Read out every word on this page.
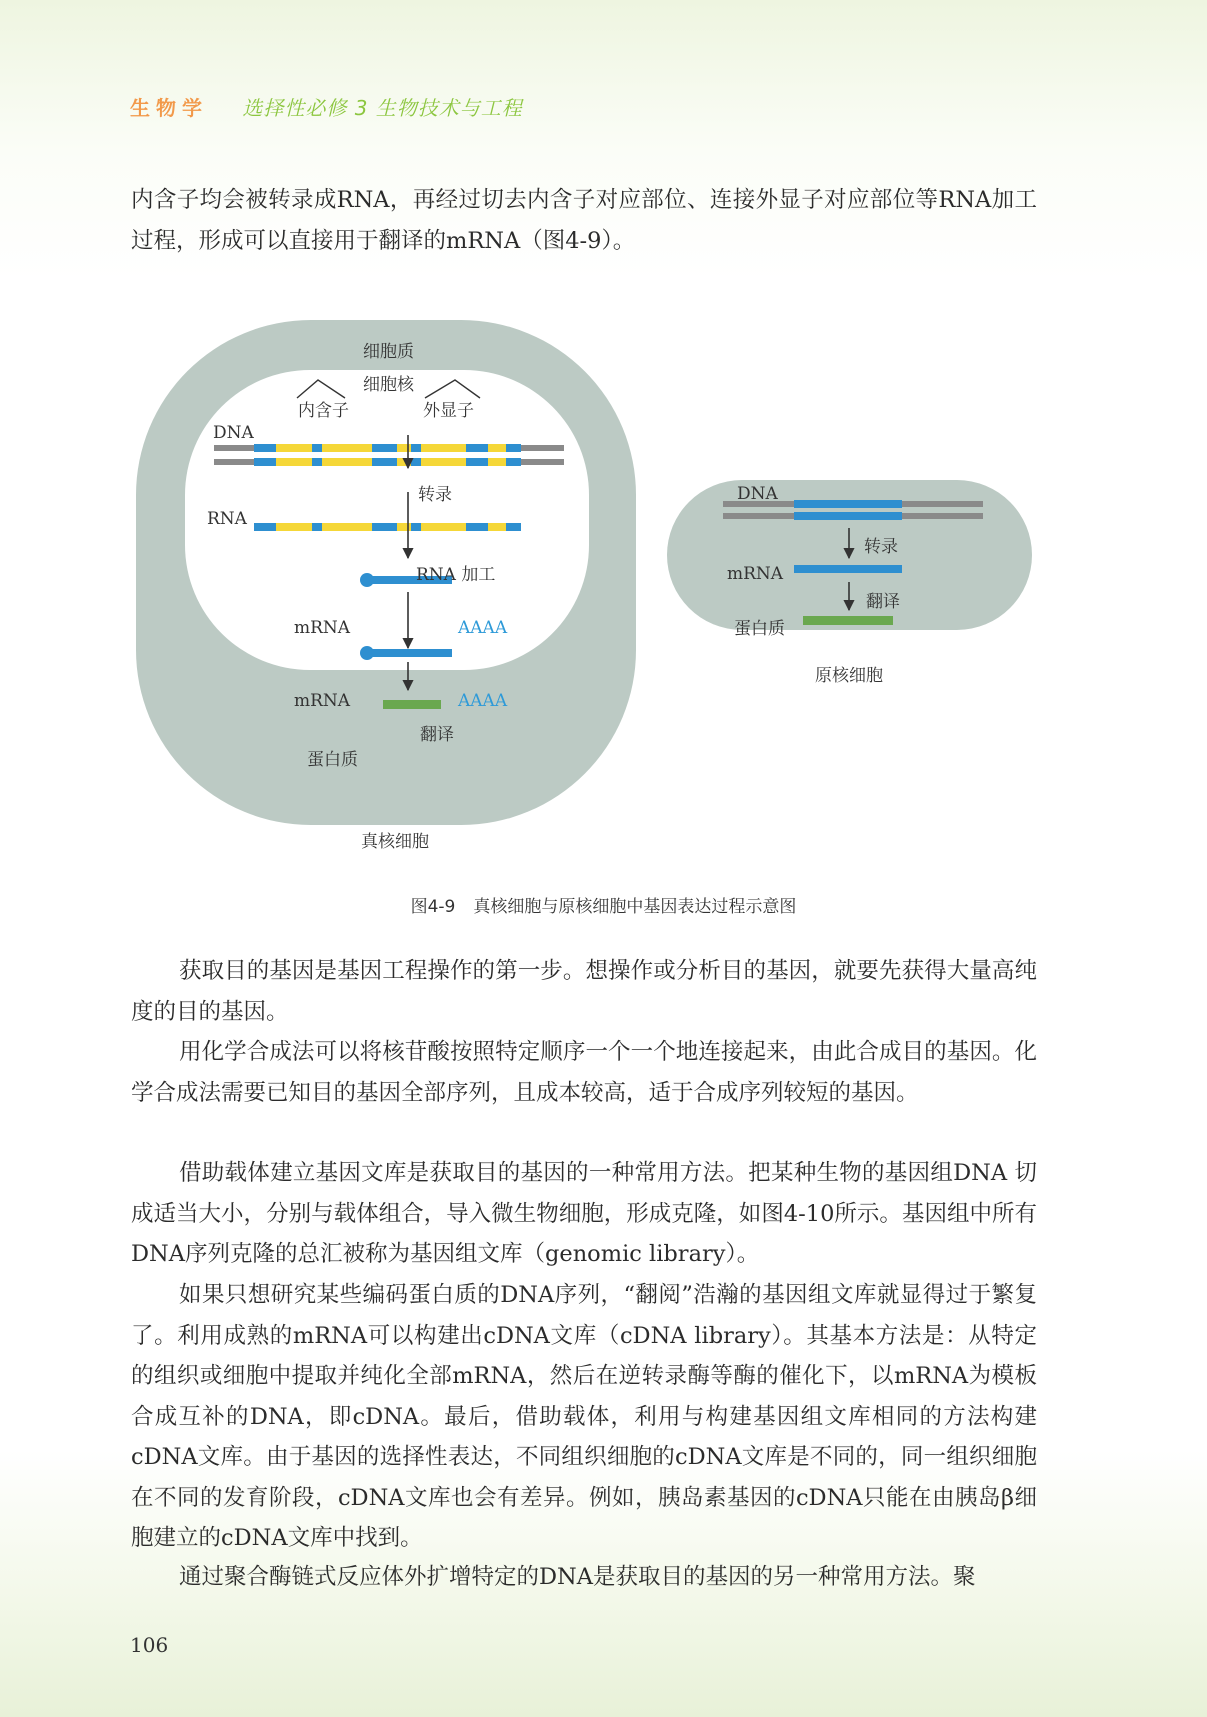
生物学 选择性必修 3 生物技术与工程

内含子均会被转录成RNA，再经过切去内含子对应部位、连接外显子对应部位等RNA加工过程，形成可以直接用于翻译的mRNA（图4-9）。

细胞质
细胞核
内含子	外显子
DNA
转录
RNA
RNA 加工
mRNA	AAAA
mRNA	AAAA
翻译
蛋白质
真核细胞
DNA
转录
mRNA
翻译
蛋白质
原核细胞
图4-9 真核细胞与原核细胞中基因表达过程示意图

获取目的基因是基因工程操作的第一步。想操作或分析目的基因，就要先获得大量高纯度的目的基因。

用化学合成法可以将核苷酸按照特定顺序一个一个地连接起来，由此合成目的基因。化学合成法需要已知目的基因全部序列，且成本较高，适于合成序列较短的基因。

借助载体建立基因文库是获取目的基因的一种常用方法。把某种生物的基因组DNA 切成适当大小，分别与载体组合，导入微生物细胞，形成克隆，如图4-10所示。基因组中所有DNA序列克隆的总汇被称为基因组文库（genomic library）。

如果只想研究某些编码蛋白质的DNA序列，“翻阅”浩瀚的基因组文库就显得过于繁复了。利用成熟的mRNA可以构建出cDNA文库（cDNA library）。其基本方法是：从特定的组织或细胞中提取并纯化全部mRNA，然后在逆转录酶等酶的催化下，以mRNA为模板合成互补的DNA，即cDNA。最后，借助载体，利用与构建基因组文库相同的方法构建cDNA文库。由于基因的选择性表达，不同组织细胞的cDNA文库是不同的，同一组织细胞在不同的发育阶段，cDNA文库也会有差异。例如，胰岛素基因的cDNA只能在由胰岛β细胞建立的cDNA文库中找到。

通过聚合酶链式反应体外扩增特定的DNA是获取目的基因的另一种常用方法。聚

106
